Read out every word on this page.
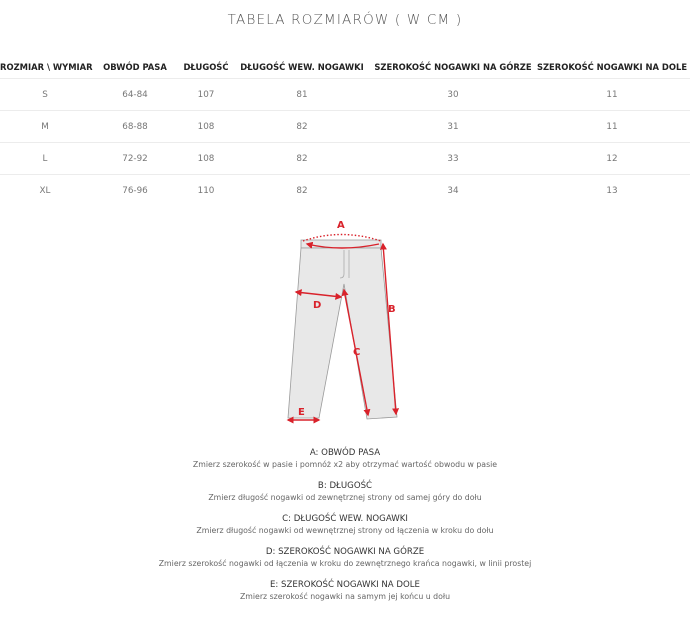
TABELA ROZMIARÓW ( W CM )
ROZMIAR \ WYMIAR	OBWÓD PASA	DŁUGOŚĆ	DŁUGOŚĆ WEW. NOGAWKI	SZEROKOŚĆ NOGAWKI NA GÓRZE	SZEROKOŚĆ NOGAWKI NA DOLE
S	64-84	107	81	30	11
M	68-88	108	82	31	11
L	72-92	108	82	33	12
XL	76-96	110	82	34	13
A
B
C
D
E
A: OBWÓD PASA
Zmierz szerokość w pasie i pomnóż x2 aby otrzymać wartość obwodu w pasie
B: DŁUGOŚĆ
Zmierz długość nogawki od zewnętrznej strony od samej góry do dołu
C: DŁUGOŚĆ WEW. NOGAWKI
Zmierz długość nogawki od wewnętrznej strony od łączenia w kroku do dołu
D: SZEROKOŚĆ NOGAWKI NA GÓRZE
Zmierz szerokość nogawki od łączenia w kroku do zewnętrznego krańca nogawki, w linii prostej
E: SZEROKOŚĆ NOGAWKI NA DOLE
Zmierz szerokość nogawki na samym jej końcu u dołu
